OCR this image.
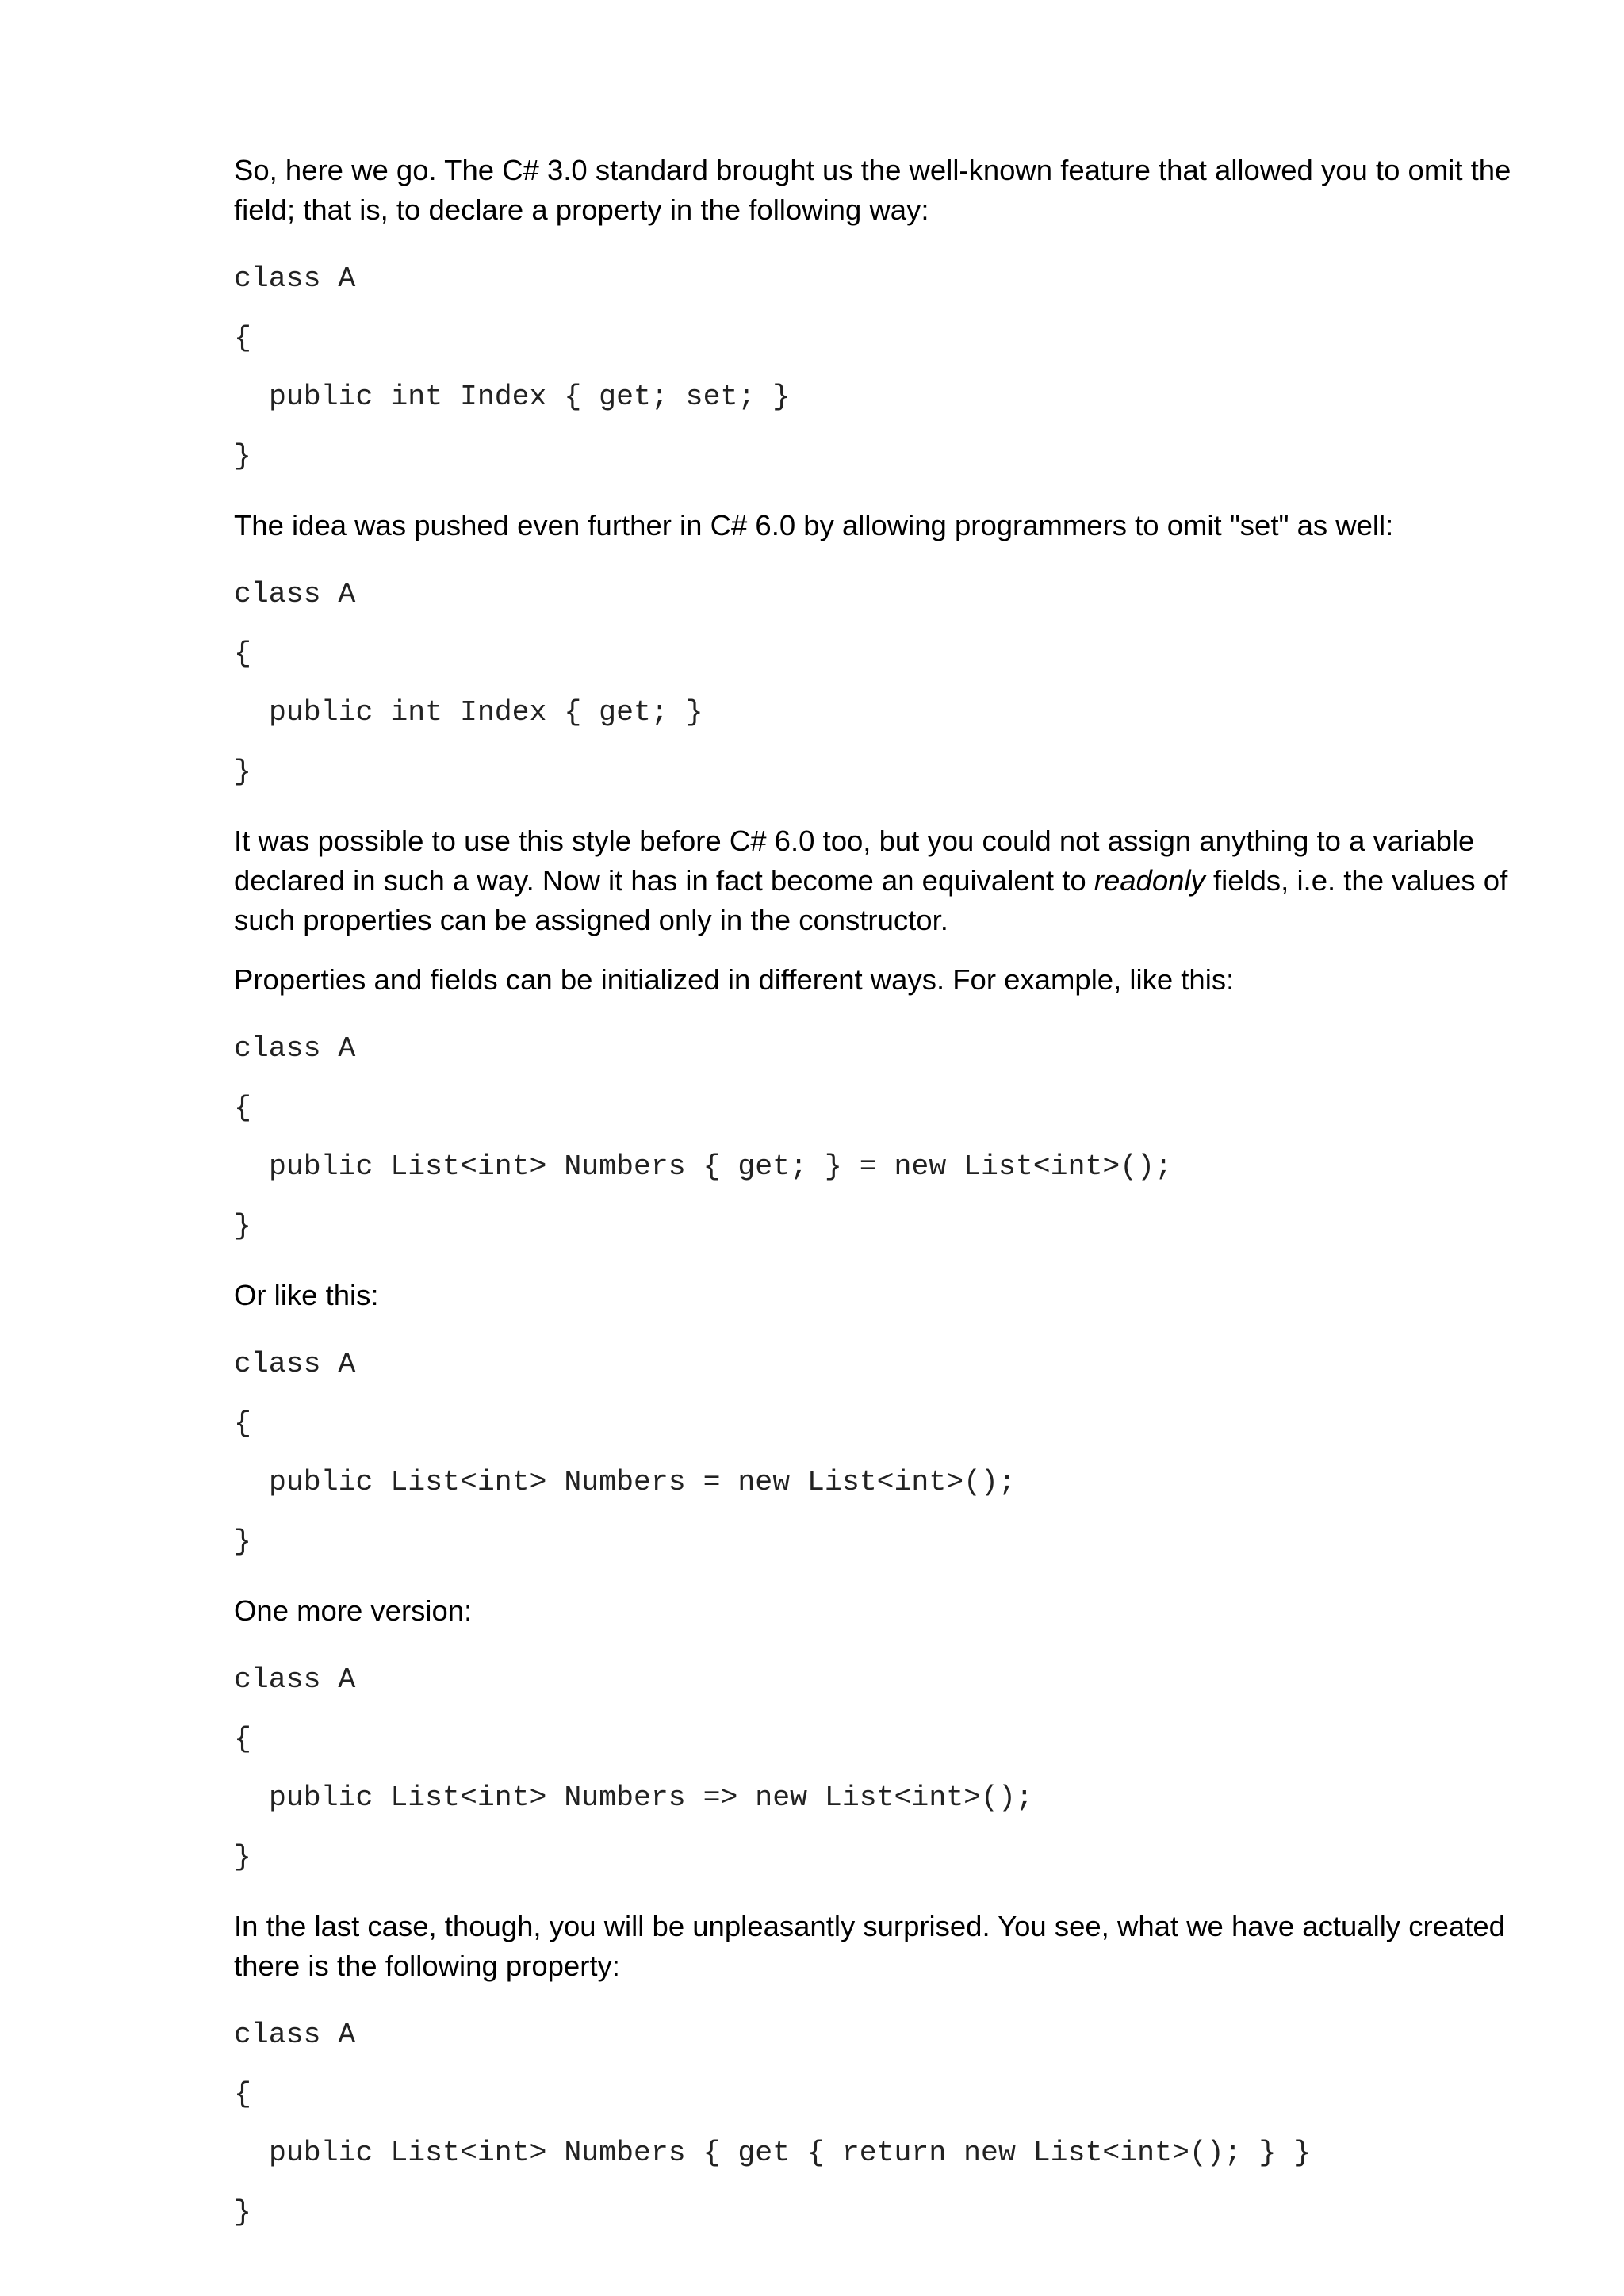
So, here we go. The C# 3.0 standard brought us the well-known feature that allowed you to omit the field; that is, to declare a property in the following way:

class A
{
public int Index { get; set; }
}

The idea was pushed even further in C# 6.0 by allowing programmers to omit "set" as well:

class A
{
public int Index { get; }
}

It was possible to use this style before C# 6.0 too, but you could not assign anything to a variable declared in such a way. Now it has in fact become an equivalent to readonly fields, i.e. the values of such properties can be assigned only in the constructor.

Properties and fields can be initialized in different ways. For example, like this:

class A
{
public List<int> Numbers { get; } = new List<int>();
}

Or like this:

class A
{
public List<int> Numbers = new List<int>();
}

One more version:

class A
{
public List<int> Numbers => new List<int>();
}

In the last case, though, you will be unpleasantly surprised. You see, what we have actually created there is the following property:

class A
{
public List<int> Numbers { get { return new List<int>(); } }
}
